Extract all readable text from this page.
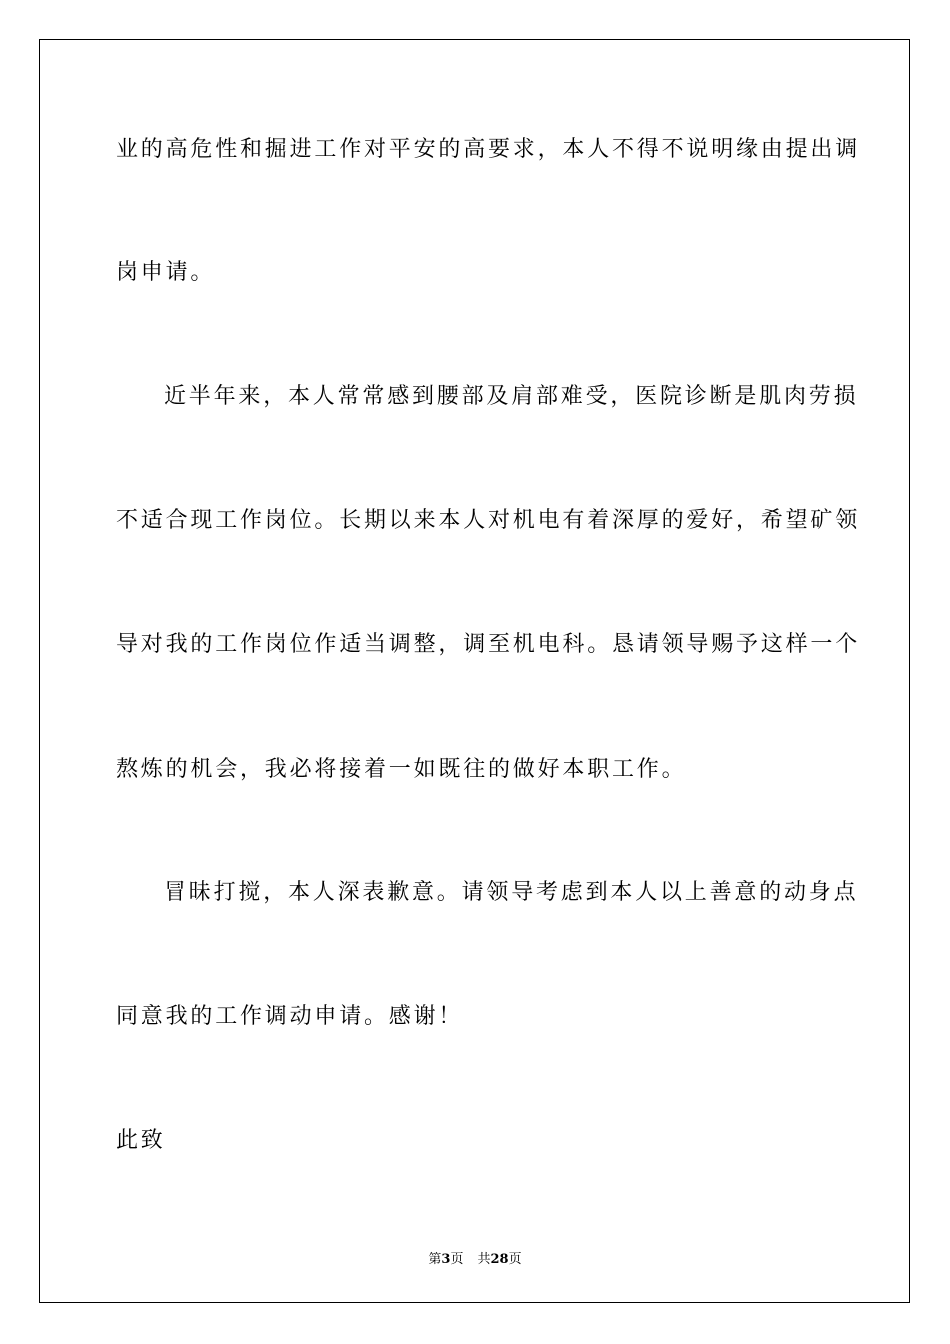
业的高危性和掘进工作对平安的高要求，本人不得不说明缘由提出调
岗申请。
近半年来，本人常常感到腰部及肩部难受，医院诊断是肌肉劳损
不适合现工作岗位。长期以来本人对机电有着深厚的爱好，希望矿领
导对我的工作岗位作适当调整，调至机电科。恳请领导赐予这样一个
熬炼的机会，我必将接着一如既往的做好本职工作。
冒昧打搅，本人深表歉意。请领导考虑到本人以上善意的动身点
同意我的工作调动申请。感谢！
此致
第3页 共28页
